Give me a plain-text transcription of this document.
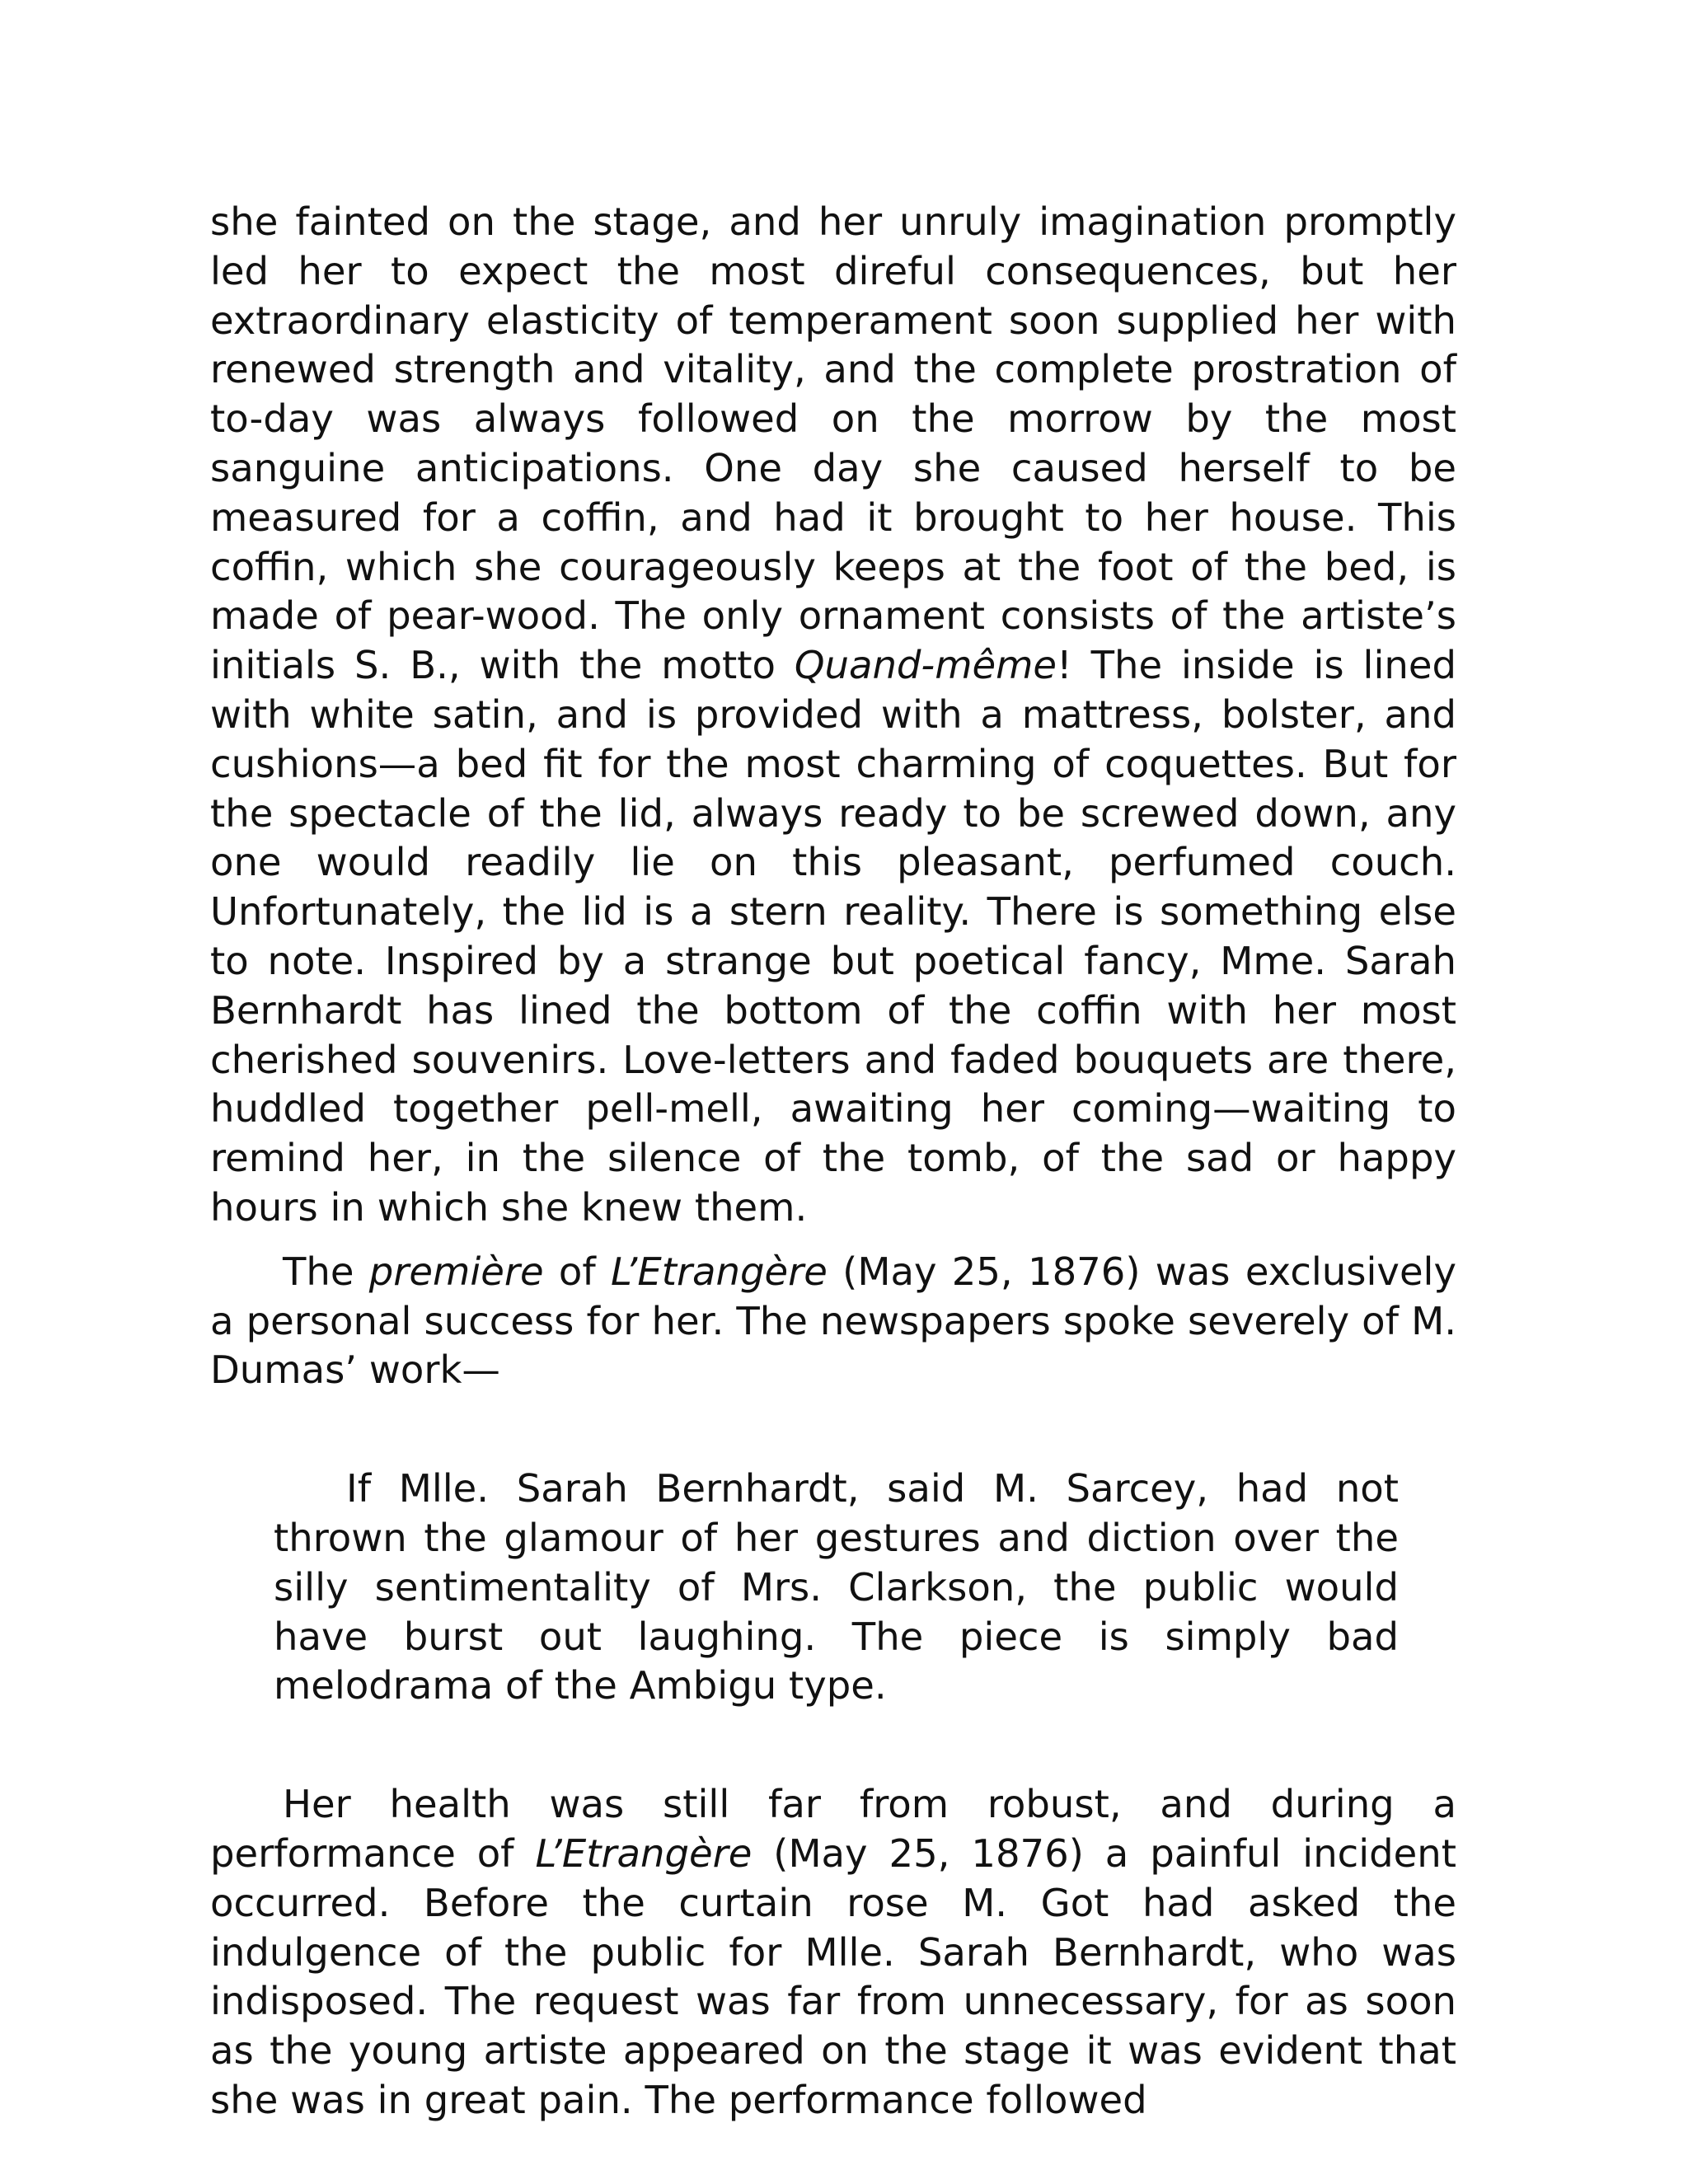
she fainted on the stage, and her unruly imagination promptly led her to expect the most direful consequences, but her extraordinary elasticity of temperament soon supplied her with renewed strength and vitality, and the complete prostration of to-day was always followed on the morrow by the most sanguine anticipations. One day she caused herself to be measured for a coffin, and had it brought to her house. This coffin, which she courageously keeps at the foot of the bed, is made of pear-wood. The only ornament consists of the artiste’s initials S. B., with the motto Quand-même! The inside is lined with white satin, and is provided with a mattress, bolster, and cushions—a bed fit for the most charming of coquettes. But for the spectacle of the lid, always ready to be screwed down, any one would readily lie on this pleasant, perfumed couch. Unfortunately, the lid is a stern reality. There is something else to note. Inspired by a strange but poetical fancy, Mme. Sarah Bernhardt has lined the bottom of the coffin with her most cherished souvenirs. Love-letters and faded bouquets are there, huddled together pell-mell, awaiting her coming—waiting to remind her, in the silence of the tomb, of the sad or happy hours in which she knew them.

The première of L’Etrangère (May 25, 1876) was exclusively a personal success for her. The newspapers spoke severely of M. Dumas’ work—

If Mlle. Sarah Bernhardt, said M. Sarcey, had not thrown the glamour of her gestures and diction over the silly sentimentality of Mrs. Clarkson, the public would have burst out laughing. The piece is simply bad melodrama of the Ambigu type.

Her health was still far from robust, and during a performance of L’Etrangère (May 25, 1876) a painful incident occurred. Before the curtain rose M. Got had asked the indulgence of the public for Mlle. Sarah Bernhardt, who was indisposed. The request was far from unnecessary, for as soon as the young artiste appeared on the stage it was evident that she was in great pain. The performance followed
